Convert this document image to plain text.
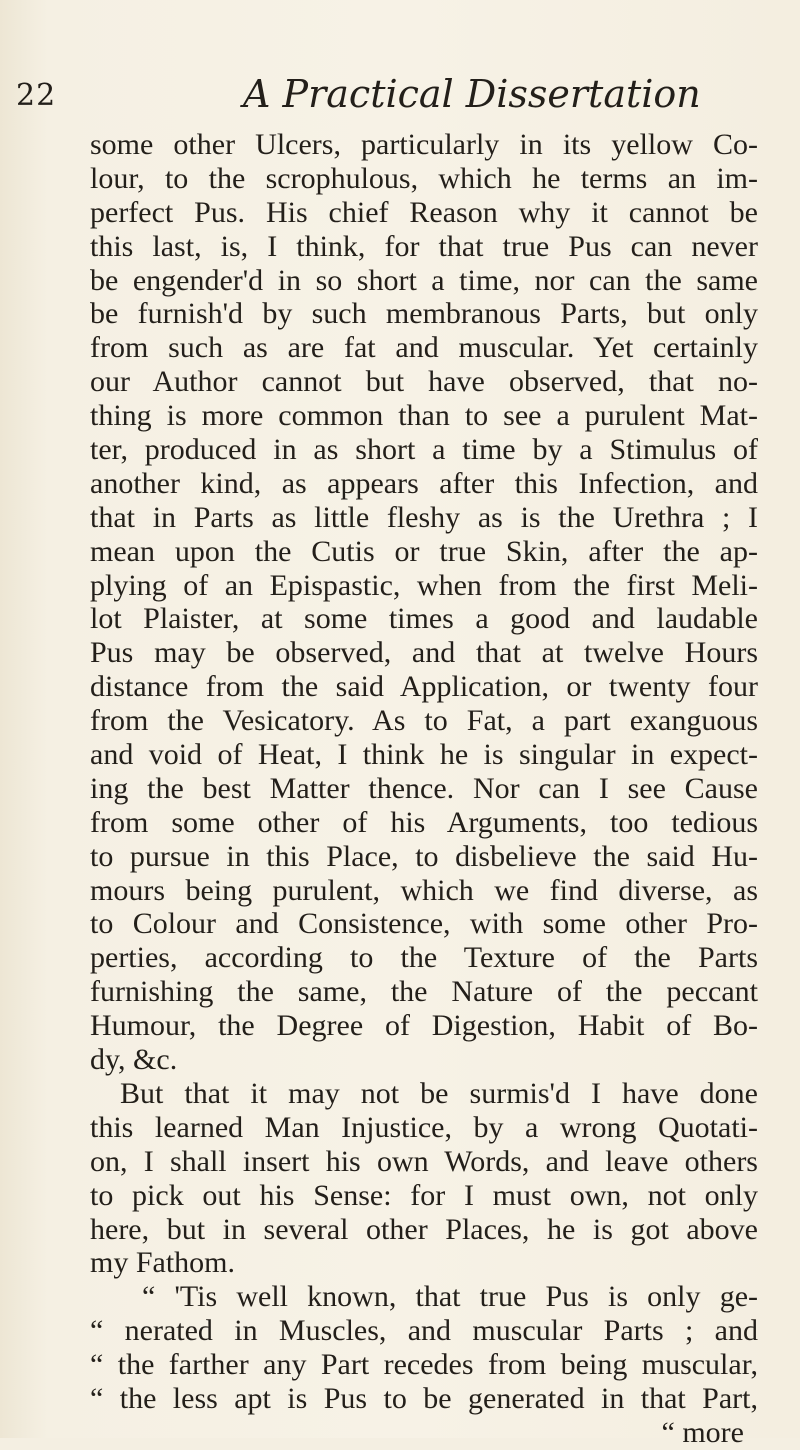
22	A Practical Dissertation
some other Ulcers, particularly in its yellow Co-
lour, to the scrophulous, which he terms an im-
perfect Pus. His chief Reason why it cannot be
this last, is, I think, for that true Pus can never
be engender'd in so short a time, nor can the same
be furnish'd by such membranous Parts, but only
from such as are fat and muscular. Yet certainly
our Author cannot but have observed, that no-
thing is more common than to see a purulent Mat-
ter, produced in as short a time by a Stimulus of
another kind, as appears after this Infection, and
that in Parts as little fleshy as is the Urethra ; I
mean upon the Cutis or true Skin, after the ap-
plying of an Epispastic, when from the first Meli-
lot Plaister, at some times a good and laudable
Pus may be observed, and that at twelve Hours
distance from the said Application, or twenty four
from the Vesicatory. As to Fat, a part exanguous
and void of Heat, I think he is singular in expect-
ing the best Matter thence. Nor can I see Cause
from some other of his Arguments, too tedious
to pursue in this Place, to disbelieve the said Hu-
mours being purulent, which we find diverse, as
to Colour and Consistence, with some other Pro-
perties, according to the Texture of the Parts
furnishing the same, the Nature of the peccant
Humour, the Degree of Digestion, Habit of Bo-
dy, &c.
But that it may not be surmis'd I have done
this learned Man Injustice, by a wrong Quotati-
on, I shall insert his own Words, and leave others
to pick out his Sense: for I must own, not only
here, but in several other Places, he is got above
my Fathom.
“ 'Tis well known, that true Pus is only ge-
“ nerated in Muscles, and muscular Parts ; and
“ the farther any Part recedes from being muscular,
“ the less apt is Pus to be generated in that Part,
“ more
